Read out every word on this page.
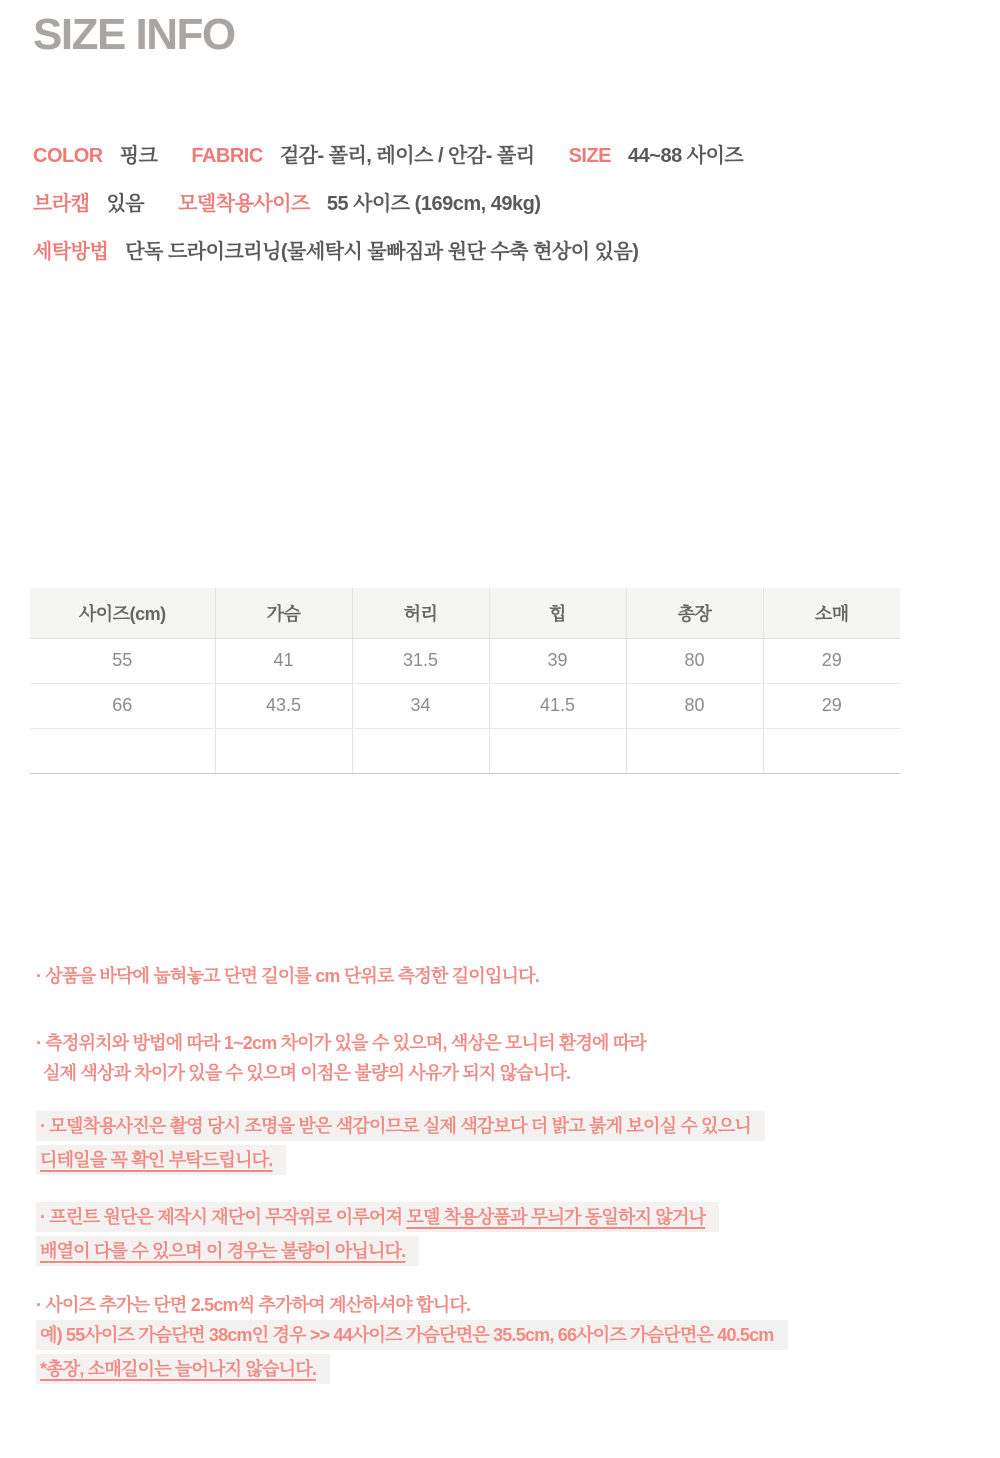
SIZE INFO
COLOR 핑크 FABRIC 겉감- 폴리, 레이스 / 안감- 폴리 SIZE 44~88 사이즈
브라캡 있음 모델착용사이즈 55 사이즈 (169cm, 49kg)
세탁방법 단독 드라이크리닝(물세탁시 물빠짐과 원단 수축 현상이 있음)
사이즈(cm)	가슴	허리	힙	총장	소매
55	41	31.5	39	80	29
66	43.5	34	41.5	80	29

· 상품을 바닥에 눕혀놓고 단면 길이를 cm 단위로 측정한 길이입니다.
· 측정위치와 방법에 따라 1~2cm 차이가 있을 수 있으며, 색상은 모니터 환경에 따라
실제 색상과 차이가 있을 수 있으며 이점은 불량의 사유가 되지 않습니다.
· 모델착용사진은 촬영 당시 조명을 받은 색감이므로 실제 색감보다 더 밝고 붉게 보이실 수 있으니
디테일을 꼭 확인 부탁드립니다.
· 프린트 원단은 제작시 재단이 무작위로 이루어져 모델 착용상품과 무늬가 동일하지 않거나
배열이 다를 수 있으며 이 경우는 불량이 아닙니다.
· 사이즈 추가는 단면 2.5cm씩 추가하여 계산하셔야 합니다.
예) 55사이즈 가슴단면 38cm인 경우 >> 44사이즈 가슴단면은 35.5cm, 66사이즈 가슴단면은 40.5cm
*총장, 소매길이는 늘어나지 않습니다.
